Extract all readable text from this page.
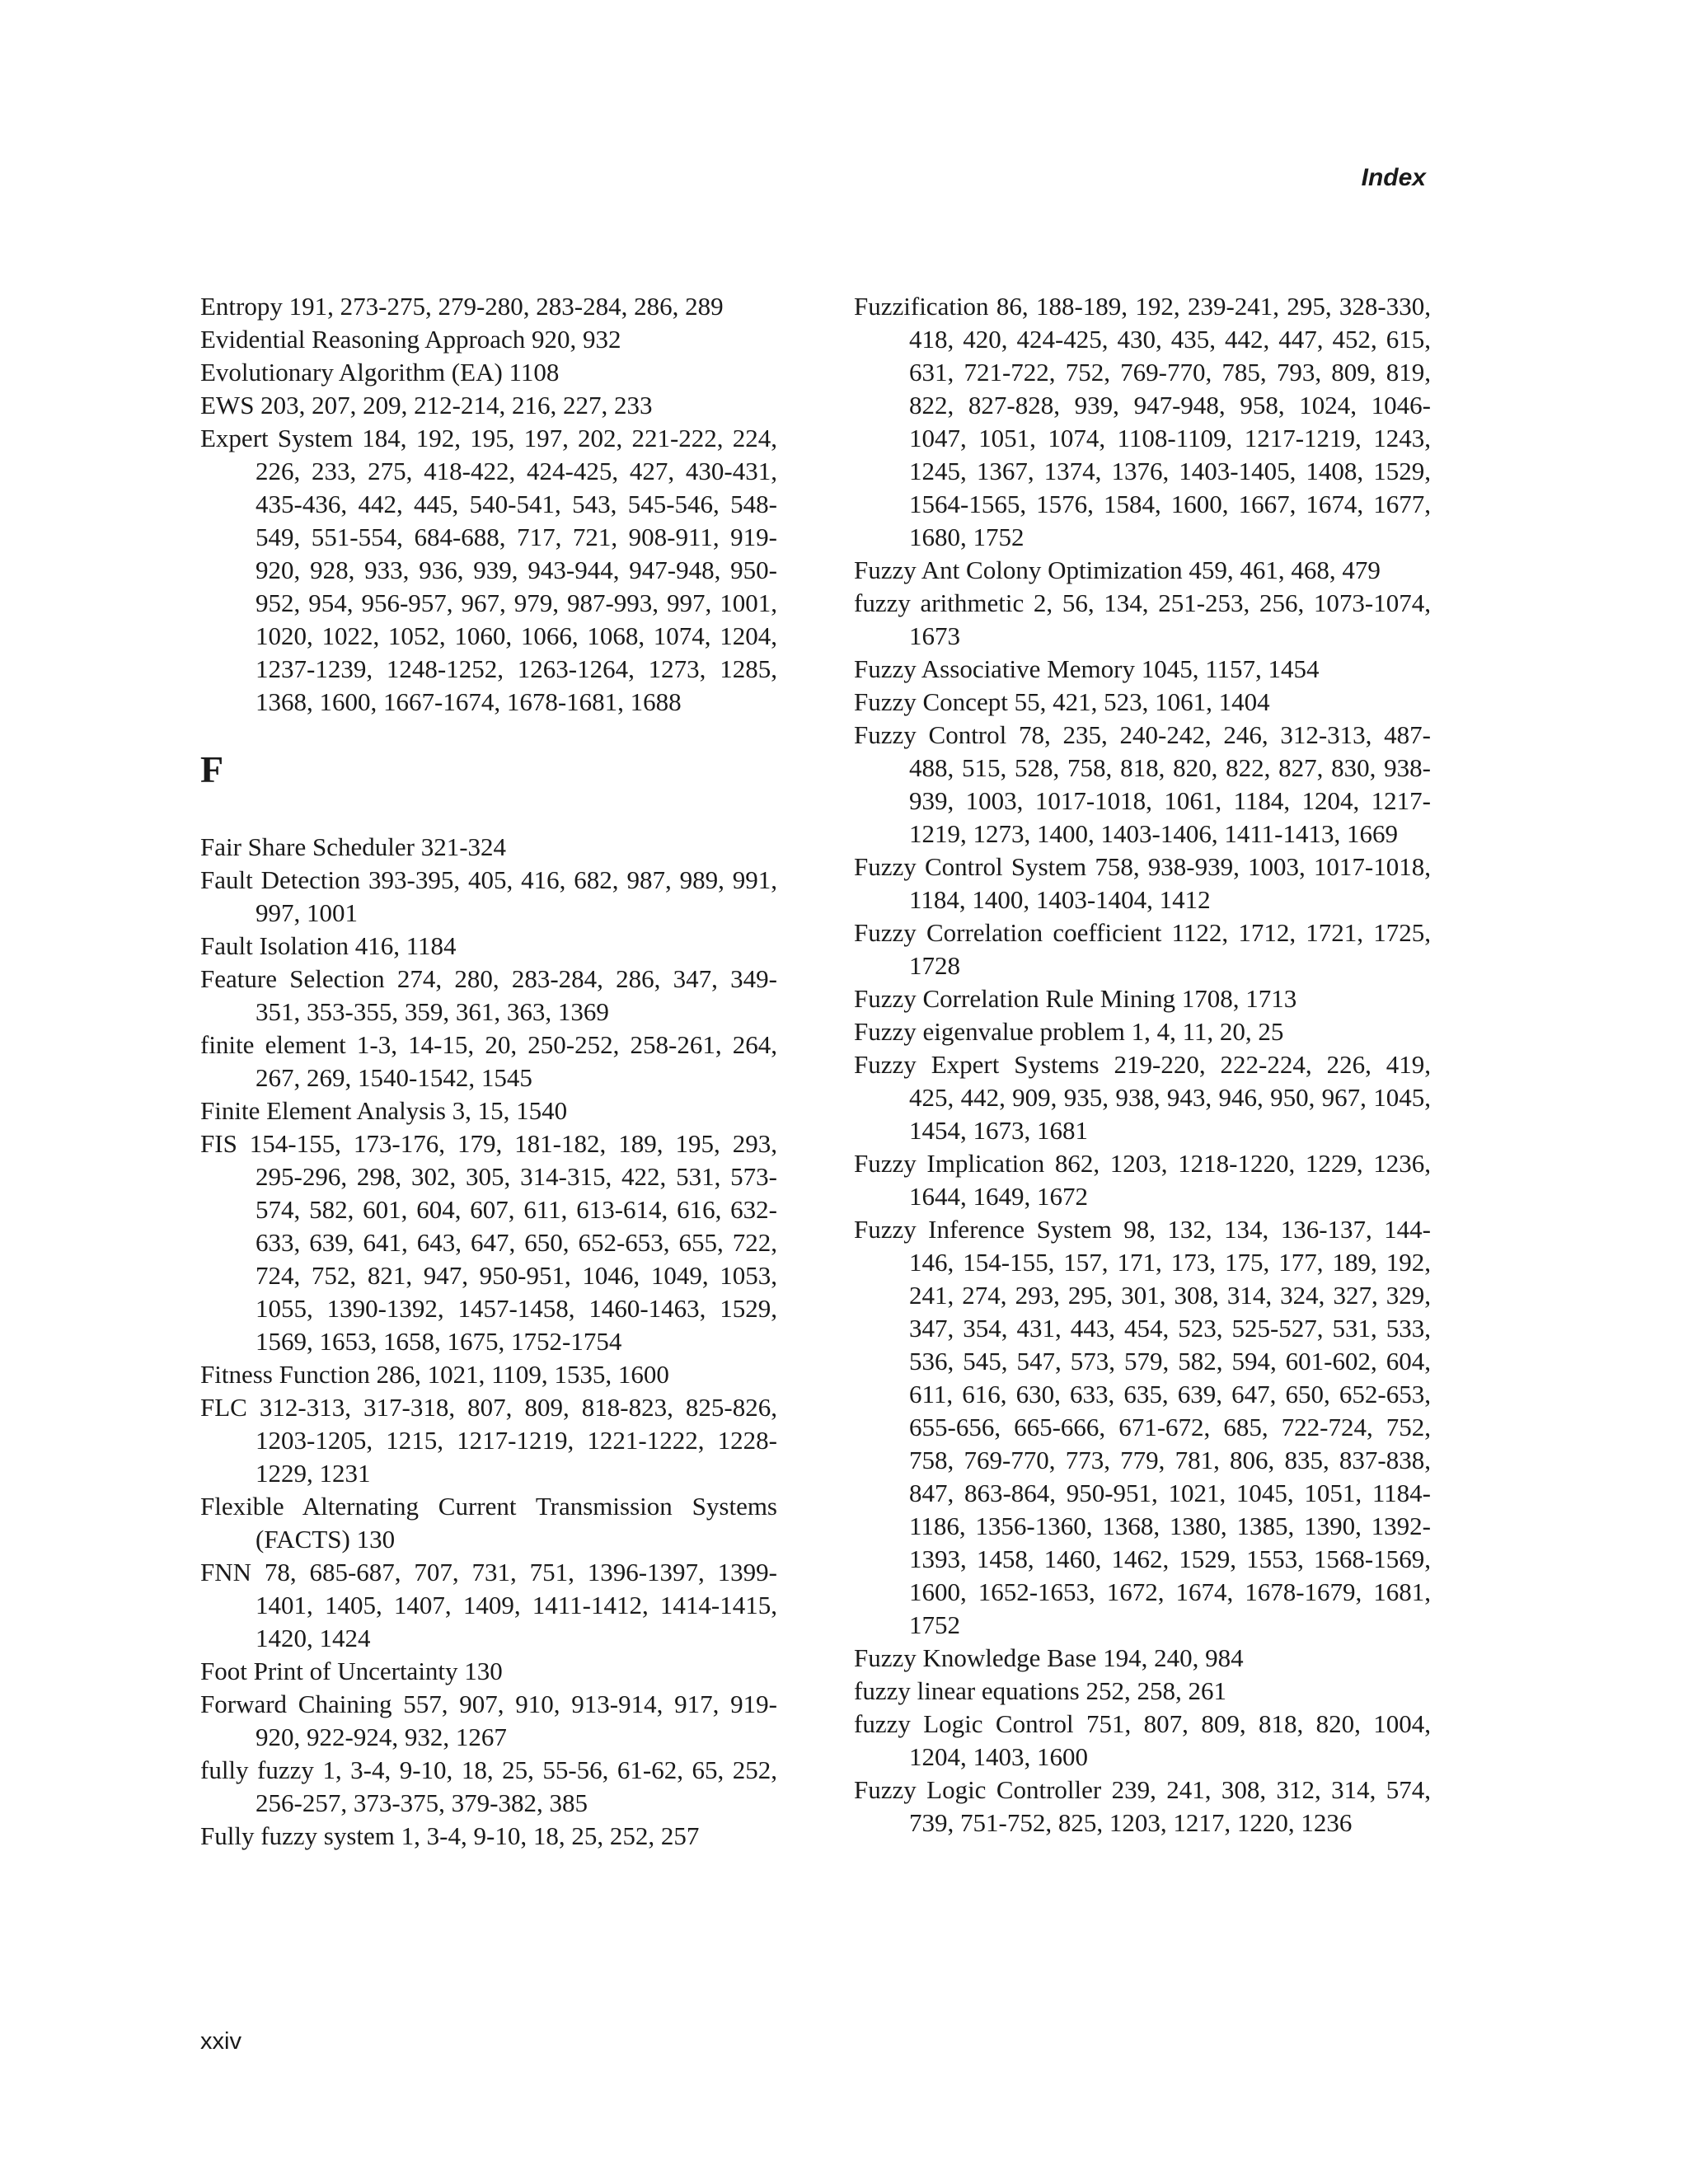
Index

Entropy 191, 273-275, 279-280, 283-284, 286, 289

Evidential Reasoning Approach 920, 932

Evolutionary Algorithm (EA) 1108

EWS 203, 207, 209, 212-214, 216, 227, 233

Expert System 184, 192, 195, 197, 202, 221-222, 224, 226, 233, 275, 418-422, 424-425, 427, 430-431, 435-436, 442, 445, 540-541, 543, 545-546, 548-549, 551-554, 684-688, 717, 721, 908-911, 919-920, 928, 933, 936, 939, 943-944, 947-948, 950-952, 954, 956-957, 967, 979, 987-993, 997, 1001, 1020, 1022, 1052, 1060, 1066, 1068, 1074, 1204, 1237-1239, 1248-1252, 1263-1264, 1273, 1285, 1368, 1600, 1667-1674, 1678-1681, 1688

F

Fair Share Scheduler 321-324

Fault Detection 393-395, 405, 416, 682, 987, 989, 991, 997, 1001

Fault Isolation 416, 1184

Feature Selection 274, 280, 283-284, 286, 347, 349-351, 353-355, 359, 361, 363, 1369

finite element 1-3, 14-15, 20, 250-252, 258-261, 264, 267, 269, 1540-1542, 1545

Finite Element Analysis 3, 15, 1540

FIS 154-155, 173-176, 179, 181-182, 189, 195, 293, 295-296, 298, 302, 305, 314-315, 422, 531, 573-574, 582, 601, 604, 607, 611, 613-614, 616, 632-633, 639, 641, 643, 647, 650, 652-653, 655, 722, 724, 752, 821, 947, 950-951, 1046, 1049, 1053, 1055, 1390-1392, 1457-1458, 1460-1463, 1529, 1569, 1653, 1658, 1675, 1752-1754

Fitness Function 286, 1021, 1109, 1535, 1600

FLC 312-313, 317-318, 807, 809, 818-823, 825-826, 1203-1205, 1215, 1217-1219, 1221-1222, 1228-1229, 1231

Flexible Alternating Current Transmission Systems (FACTS) 130

FNN 78, 685-687, 707, 731, 751, 1396-1397, 1399-1401, 1405, 1407, 1409, 1411-1412, 1414-1415, 1420, 1424

Foot Print of Uncertainty 130

Forward Chaining 557, 907, 910, 913-914, 917, 919-920, 922-924, 932, 1267

fully fuzzy 1, 3-4, 9-10, 18, 25, 55-56, 61-62, 65, 252, 256-257, 373-375, 379-382, 385

Fully fuzzy system 1, 3-4, 9-10, 18, 25, 252, 257

Fuzzification 86, 188-189, 192, 239-241, 295, 328-330, 418, 420, 424-425, 430, 435, 442, 447, 452, 615, 631, 721-722, 752, 769-770, 785, 793, 809, 819, 822, 827-828, 939, 947-948, 958, 1024, 1046-1047, 1051, 1074, 1108-1109, 1217-1219, 1243, 1245, 1367, 1374, 1376, 1403-1405, 1408, 1529, 1564-1565, 1576, 1584, 1600, 1667, 1674, 1677, 1680, 1752

Fuzzy Ant Colony Optimization 459, 461, 468, 479

fuzzy arithmetic 2, 56, 134, 251-253, 256, 1073-1074, 1673

Fuzzy Associative Memory 1045, 1157, 1454

Fuzzy Concept 55, 421, 523, 1061, 1404

Fuzzy Control 78, 235, 240-242, 246, 312-313, 487-488, 515, 528, 758, 818, 820, 822, 827, 830, 938-939, 1003, 1017-1018, 1061, 1184, 1204, 1217-1219, 1273, 1400, 1403-1406, 1411-1413, 1669

Fuzzy Control System 758, 938-939, 1003, 1017-1018, 1184, 1400, 1403-1404, 1412

Fuzzy Correlation coefficient 1122, 1712, 1721, 1725, 1728

Fuzzy Correlation Rule Mining 1708, 1713

Fuzzy eigenvalue problem 1, 4, 11, 20, 25

Fuzzy Expert Systems 219-220, 222-224, 226, 419, 425, 442, 909, 935, 938, 943, 946, 950, 967, 1045, 1454, 1673, 1681

Fuzzy Implication 862, 1203, 1218-1220, 1229, 1236, 1644, 1649, 1672

Fuzzy Inference System 98, 132, 134, 136-137, 144-146, 154-155, 157, 171, 173, 175, 177, 189, 192, 241, 274, 293, 295, 301, 308, 314, 324, 327, 329, 347, 354, 431, 443, 454, 523, 525-527, 531, 533, 536, 545, 547, 573, 579, 582, 594, 601-602, 604, 611, 616, 630, 633, 635, 639, 647, 650, 652-653, 655-656, 665-666, 671-672, 685, 722-724, 752, 758, 769-770, 773, 779, 781, 806, 835, 837-838, 847, 863-864, 950-951, 1021, 1045, 1051, 1184-1186, 1356-1360, 1368, 1380, 1385, 1390, 1392-1393, 1458, 1460, 1462, 1529, 1553, 1568-1569, 1600, 1652-1653, 1672, 1674, 1678-1679, 1681, 1752

Fuzzy Knowledge Base 194, 240, 984

fuzzy linear equations 252, 258, 261

fuzzy Logic Control 751, 807, 809, 818, 820, 1004, 1204, 1403, 1600

Fuzzy Logic Controller 239, 241, 308, 312, 314, 574, 739, 751-752, 825, 1203, 1217, 1220, 1236

xxiv
